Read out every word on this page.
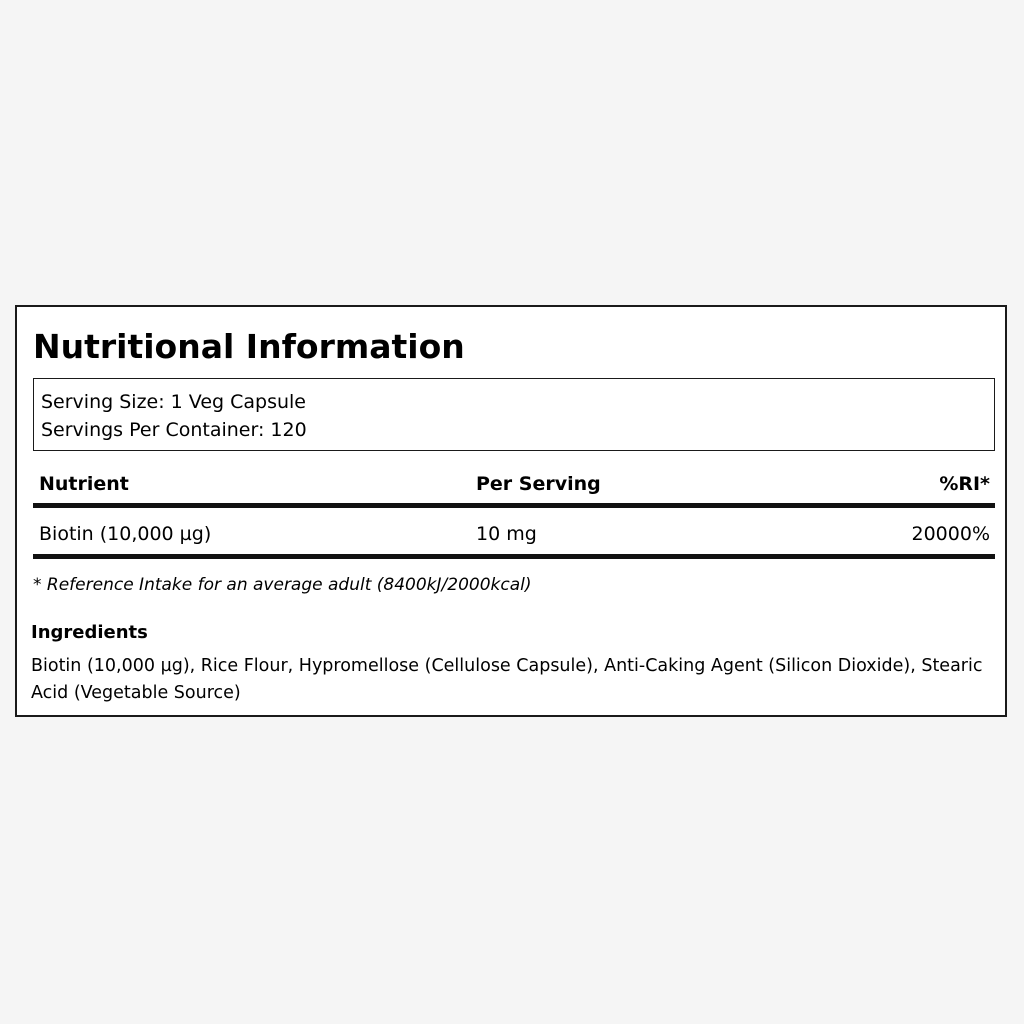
Nutritional Information
Serving Size: 1 Veg Capsule
Servings Per Container: 120
Nutrient	Per Serving	%RI*
Biotin (10,000 µg)	10 mg	20000%
* Reference Intake for an average adult (8400kJ/2000kcal)
Ingredients

Biotin (10,000 µg), Rice Flour, Hypromellose (Cellulose Capsule), Anti-Caking Agent (Silicon Dioxide), Stearic Acid (Vegetable Source)
